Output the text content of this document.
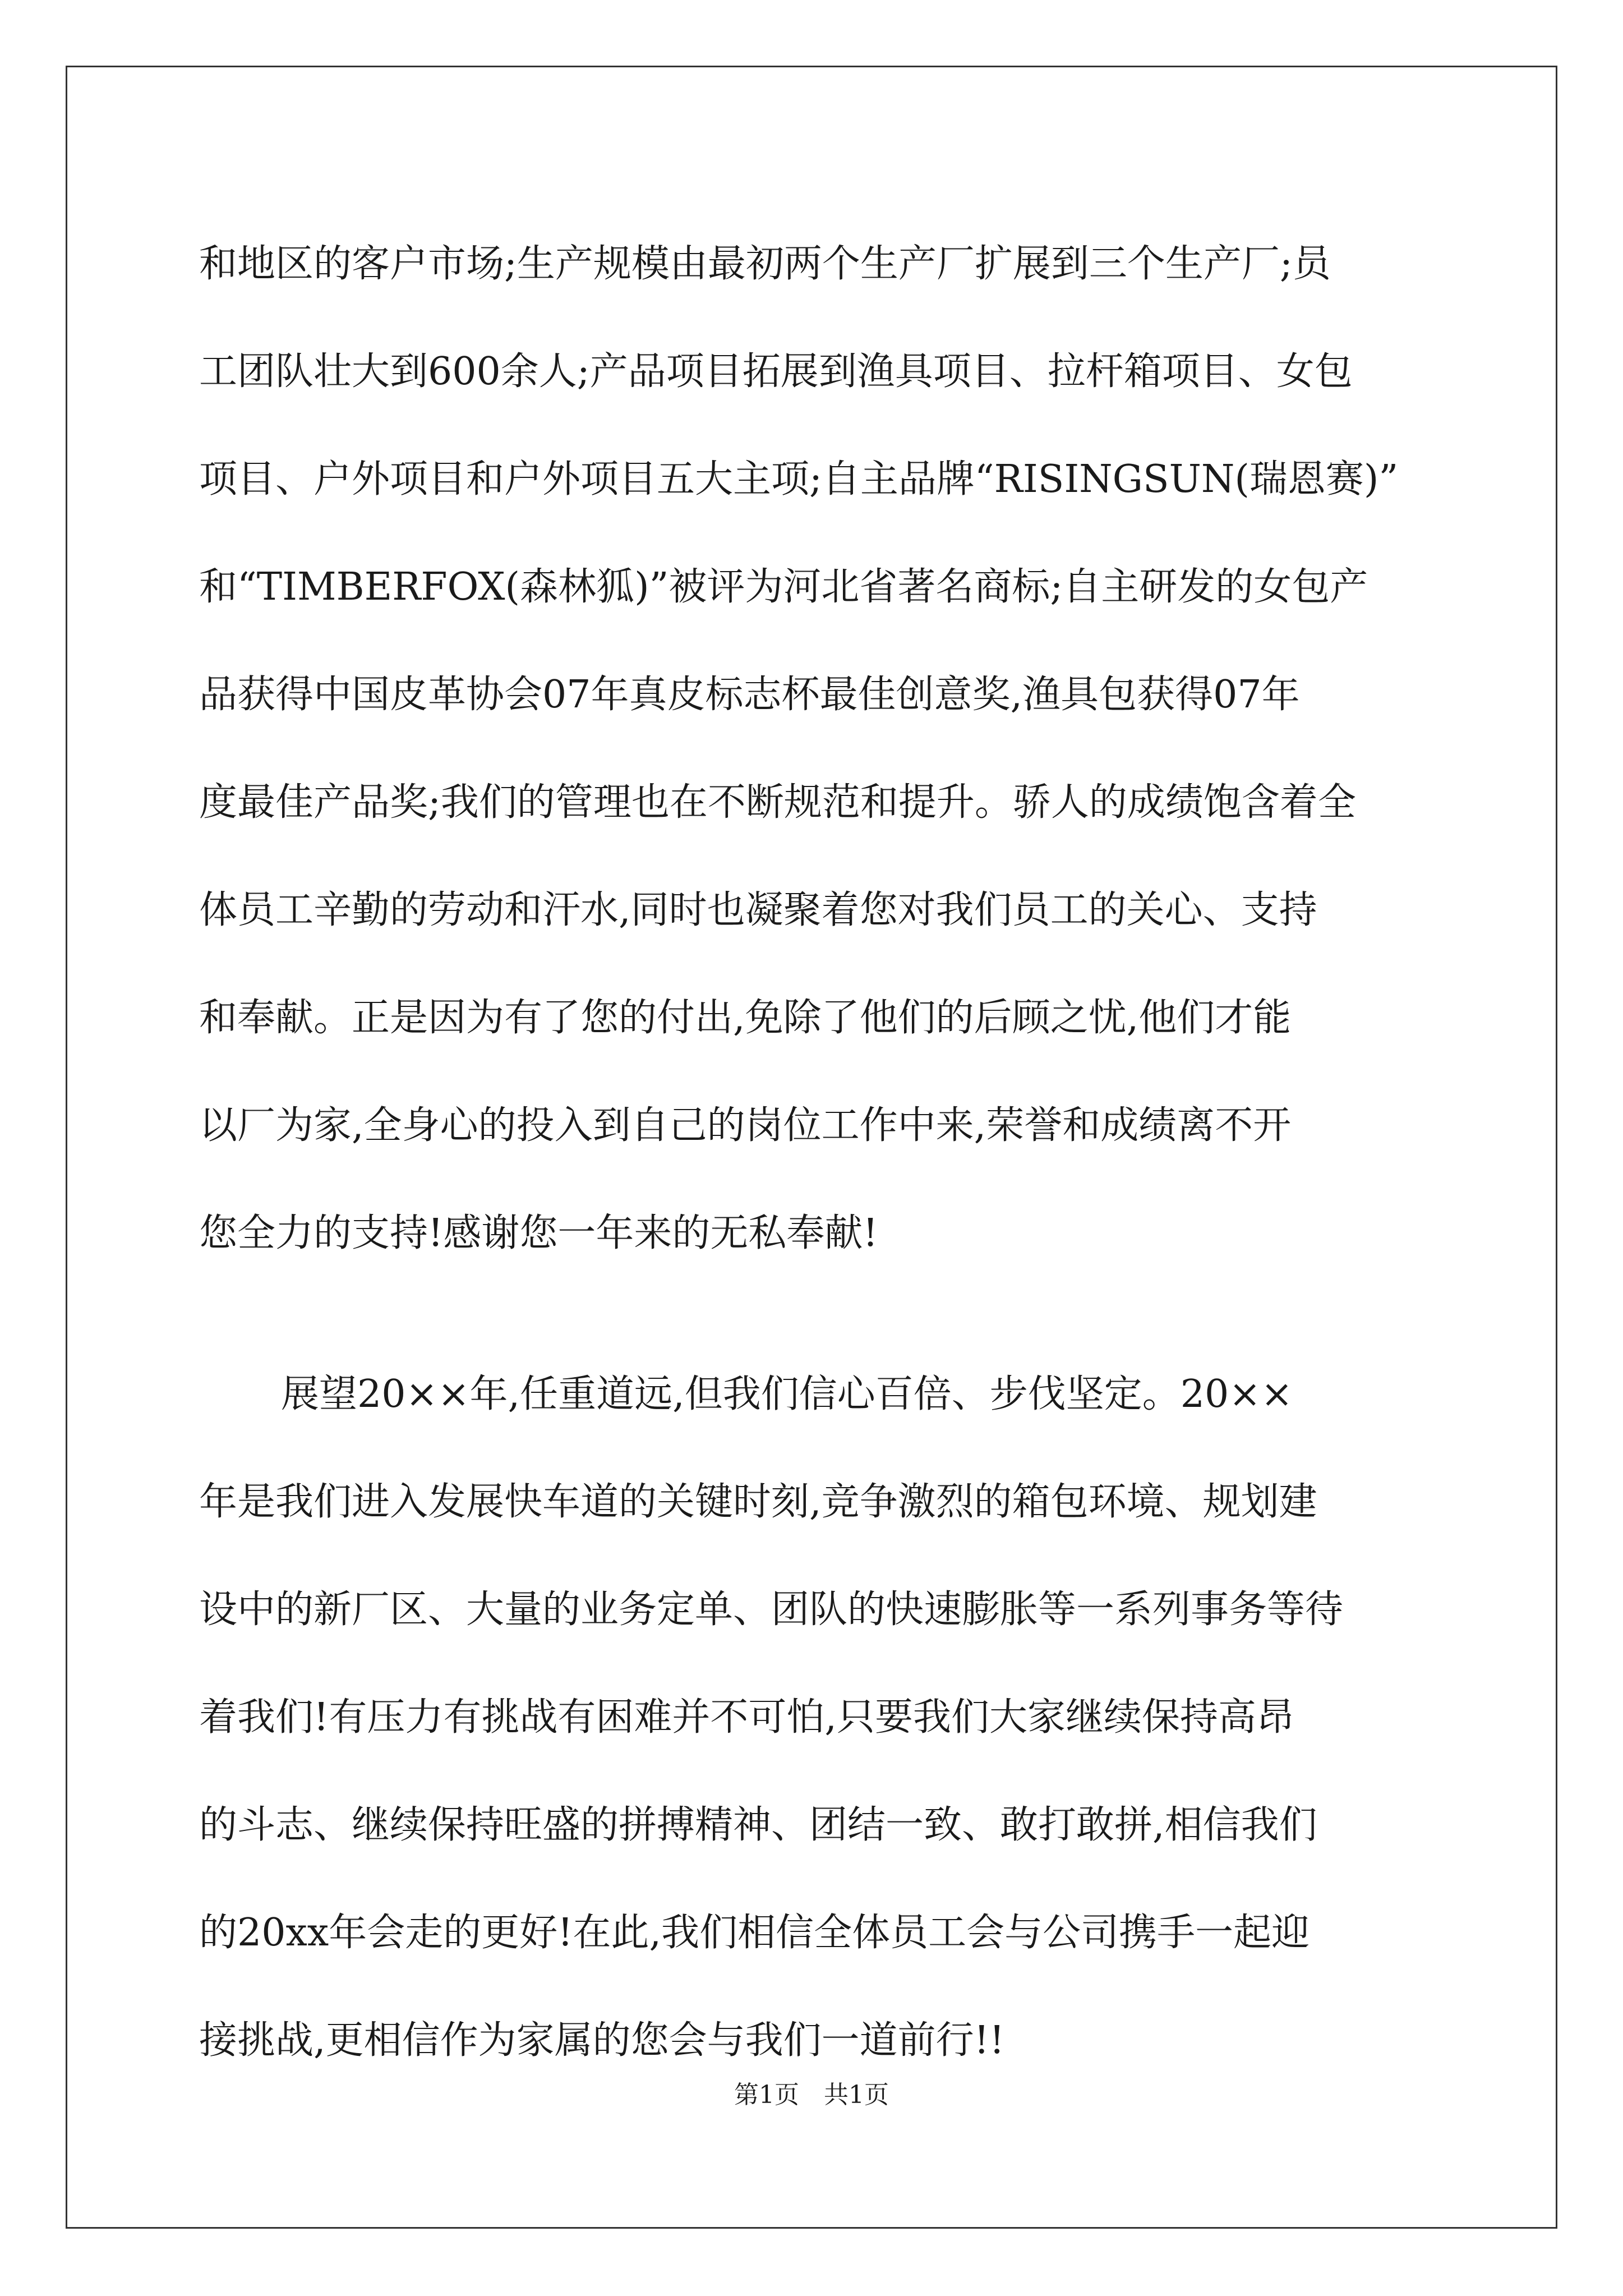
和地区的客户市场;生产规模由最初两个生产厂扩展到三个生产厂;员
工团队壮大到600余人;产品项目拓展到渔具项目、拉杆箱项目、女包
项目、户外项目和户外项目五大主项;自主品牌“RISINGSUN(瑞恩赛)”
和“TIMBERFOX(森林狐)”被评为河北省著名商标;自主研发的女包产
品获得中国皮革协会07年真皮标志杯最佳创意奖,渔具包获得07年
度最佳产品奖;我们的管理也在不断规范和提升。骄人的成绩饱含着全
体员工辛勤的劳动和汗水,同时也凝聚着您对我们员工的关心、支持
和奉献。正是因为有了您的付出,免除了他们的后顾之忧,他们才能
以厂为家,全身心的投入到自己的岗位工作中来,荣誉和成绩离不开
您全力的支持!感谢您一年来的无私奉献!
展望20××年,任重道远,但我们信心百倍、步伐坚定。20××
年是我们进入发展快车道的关键时刻,竞争激烈的箱包环境、规划建
设中的新厂区、大量的业务定单、团队的快速膨胀等一系列事务等待
着我们!有压力有挑战有困难并不可怕,只要我们大家继续保持高昂
的斗志、继续保持旺盛的拼搏精神、团结一致、敢打敢拼,相信我们
的20xx年会走的更好!在此,我们相信全体员工会与公司携手一起迎
接挑战,更相信作为家属的您会与我们一道前行!!
第1页　共1页
